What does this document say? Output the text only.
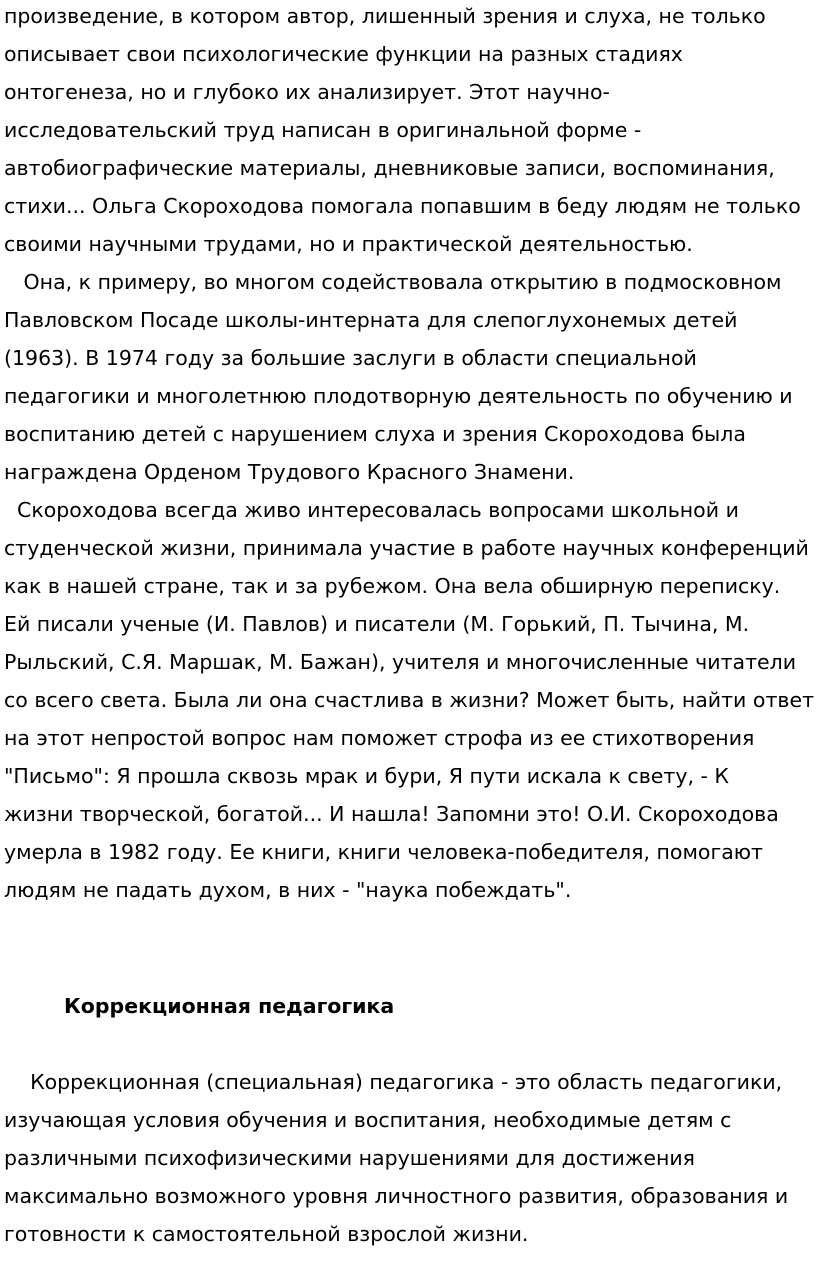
произведение, в котором автор, лишенный зрения и слуха, не только
описывает свои психологические функции на разных стадиях
онтогенеза, но и глубоко их анализирует. Этот научно-
исследовательский труд написан в оригинальной форме -
автобиографические материалы, дневниковые записи, воспоминания,
стихи... Ольга Скороходова помогала попавшим в беду людям не только
своими научными трудами, но и практической деятельностью.
Она, к примеру, во многом содействовала открытию в подмосковном
Павловском Посаде школы-интерната для слепоглухонемых детей
(1963). В 1974 году за большие заслуги в области специальной
педагогики и многолетнюю плодотворную деятельность по обучению и
воспитанию детей с нарушением слуха и зрения Скороходова была
награждена Орденом Трудового Красного Знамени.
Скороходова всегда живо интересовалась вопросами школьной и
студенческой жизни, принимала участие в работе научных конференций
как в нашей стране, так и за рубежом. Она вела обширную переписку.
Ей писали ученые (И. Павлов) и писатели (М. Горький, П. Тычина, М.
Рыльский, С.Я. Маршак, М. Бажан), учителя и многочисленные читатели
со всего света. Была ли она счастлива в жизни? Может быть, найти ответ
на этот непростой вопрос нам поможет строфа из ее стихотворения
"Письмо": Я прошла сквозь мрак и бури, Я пути искала к свету, - К
жизни творческой, богатой... И нашла! Запомни это! О.И. Скороходова
умерла в 1982 году. Ее книги, книги человека-победителя, помогают
людям не падать духом, в них - "наука побеждать".
Коррекционная педагогика
Коррекционная (специальная) педагогика - это область педагогики,
изучающая условия обучения и воспитания, необходимые детям с
различными психофизическими нарушениями для достижения
максимально возможного уровня личностного развития, образования и
готовности к самостоятельной взрослой жизни.
